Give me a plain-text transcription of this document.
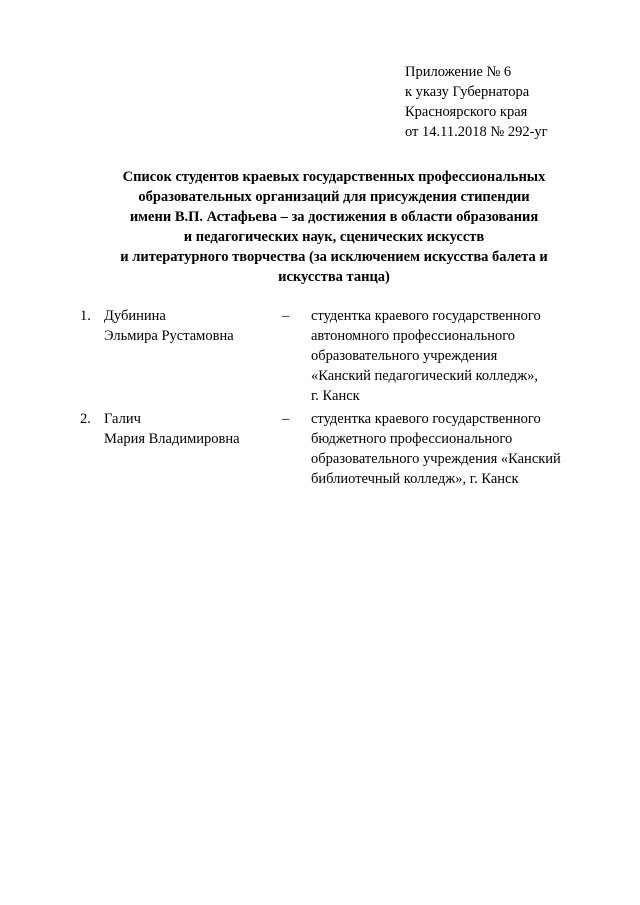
Приложение № 6
к указу Губернатора
Красноярского края
от 14.11.2018 № 292-уг
Список студентов краевых государственных профессиональных
образовательных организаций для присуждения стипендии
имени В.П. Астафьева – за достижения в области образования
и педагогических наук, сценических искусств
и литературного творчества (за исключением искусства балета и
искусства танца)
1. Дубинина
Эльмира Рустамовна
– студентка краевого государственного
автономного профессионального
образовательного учреждения
«Канский педагогический колледж»,
г. Канск
2. Галич
Мария Владимировна
– студентка краевого государственного
бюджетного профессионального
образовательного учреждения «Канский
библиотечный колледж», г. Канск
